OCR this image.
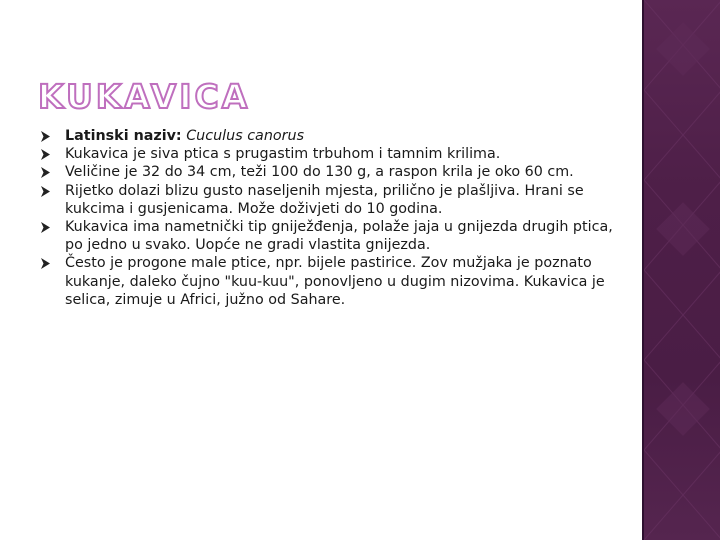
KUKAVICA
Latinski naziv: Cuculus canorus
Kukavica je siva ptica s prugastim trbuhom i tamnim krilima.
Veličine je 32 do 34 cm, teži 100 do 130 g, a raspon krila je oko 60 cm.
Rijetko dolazi blizu gusto naseljenih mjesta, prilično je plašljiva. Hrani se kukcima i gusjenicama. Može doživjeti do 10 godina.
Kukavica ima nametnički tip gniježđenja, polaže jaja u gnijezda drugih ptica, po jedno u svako. Uopće ne gradi vlastita gnijezda.
Često je progone male ptice, npr. bijele pastirice. Zov mužjaka je poznato kukanje, daleko čujno "kuu-kuu", ponovljeno u dugim nizovima. Kukavica je selica, zimuje u Africi, južno od Sahare.
